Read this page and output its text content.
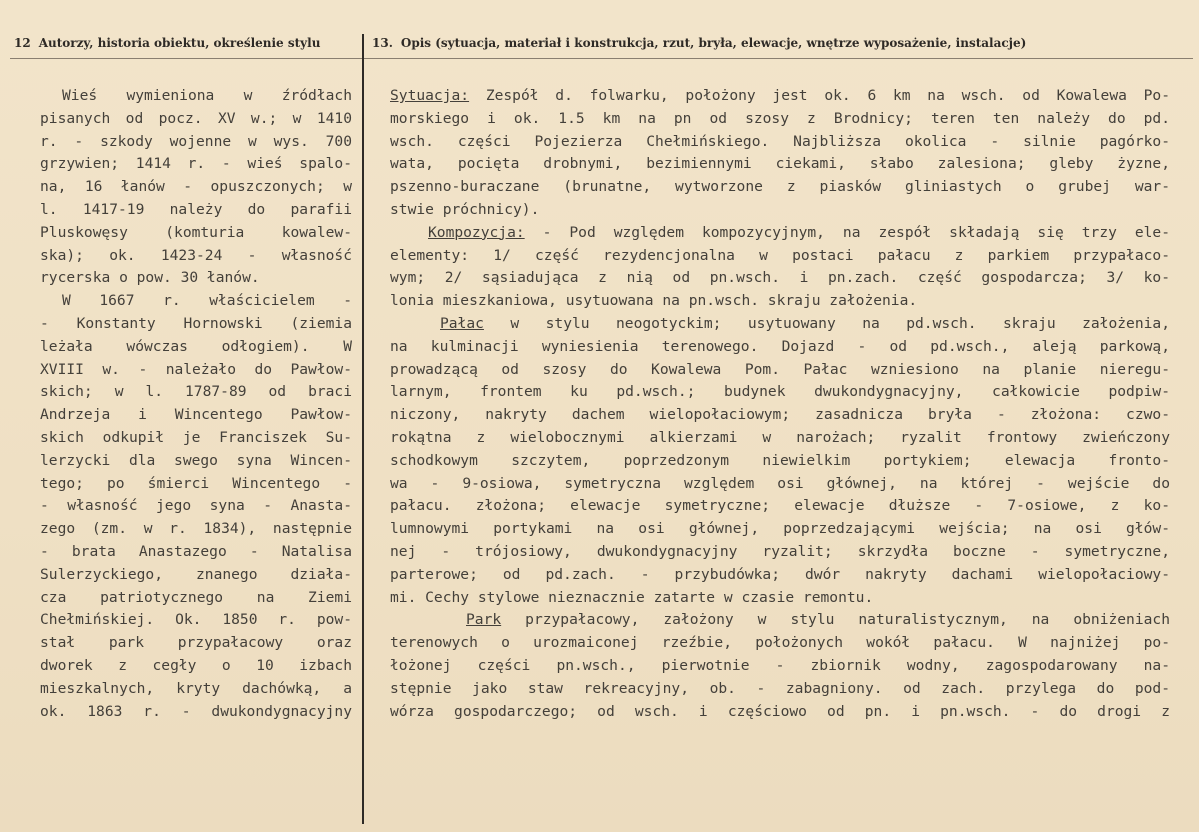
12 Autorzy, historia obiektu, określenie stylu	13. Opis (sytuacja, materiał i konstrukcja, rzut, bryła, elewacje, wnętrze wyposażenie, instalacje)
Wieś wymieniona w źródłach
pisanych od pocz. XV w.; w 1410
r. - szkody wojenne w wys. 700
grzywien; 1414 r. - wieś spalo-
na, 16 łanów - opuszczonych; w
l. 1417-19 należy do parafii
Pluskowęsy (komturia kowalew-
ska); ok. 1423-24 - własność
rycerska o pow. 30 łanów.
W 1667 r. właścicielem -
- Konstanty Hornowski (ziemia
leżała wówczas odłogiem). W
XVIII w. - należało do Pawłow-
skich; w l. 1787-89 od braci
Andrzeja i Wincentego Pawłow-
skich odkupił je Franciszek Su-
lerzycki dla swego syna Wincen-
tego; po śmierci Wincentego -
- własność jego syna - Anasta-
zego (zm. w r. 1834), następnie
- brata Anastazego - Natalisa
Sulerzyckiego, znanego działa-
cza patriotycznego na Ziemi
Chełmińskiej. Ok. 1850 r. pow-
stał park przypałacowy oraz
dworek z cegły o 10 izbach
mieszkalnych, kryty dachówką, a
ok. 1863 r. - dwukondygnacyjny
Sytuacja: Zespół d. folwarku, położony jest ok. 6 km na wsch. od Kowalewa Po-
morskiego i ok. 1.5 km na pn od szosy z Brodnicy; teren ten należy do pd.
wsch. części Pojezierza Chełmińskiego. Najbliższa okolica - silnie pagórko-
wata, pocięta drobnymi, bezimiennymi ciekami, słabo zalesiona; gleby żyzne,
pszenno-buraczane (brunatne, wytworzone z piasków gliniastych o grubej war-
stwie próchnicy).
Kompozycja: - Pod względem kompozycyjnym, na zespół składają się trzy ele-
elementy: 1/ część rezydencjonalna w postaci pałacu z parkiem przypałaco-
wym; 2/ sąsiadująca z nią od pn.wsch. i pn.zach. część gospodarcza; 3/ ko-
lonia mieszkaniowa, usytuowana na pn.wsch. skraju założenia.
Pałac w stylu neogotyckim; usytuowany na pd.wsch. skraju założenia,
na kulminacji wyniesienia terenowego. Dojazd - od pd.wsch., aleją parkową,
prowadzącą od szosy do Kowalewa Pom. Pałac wzniesiono na planie nieregu-
larnym, frontem ku pd.wsch.; budynek dwukondygnacyjny, całkowicie podpiw-
niczony, nakryty dachem wielopołaciowym; zasadnicza bryła - złożona: czwo-
rokątna z wielobocznymi alkierzami w narożach; ryzalit frontowy zwieńczony
schodkowym szczytem, poprzedzonym niewielkim portykiem; elewacja fronto-
wa - 9-osiowa, symetryczna względem osi głównej, na której - wejście do
pałacu. złożona; elewacje symetryczne; elewacje dłuższe - 7-osiowe, z ko-
lumnowymi portykami na osi głównej, poprzedzającymi wejścia; na osi głów-
nej - trójosiowy, dwukondygnacyjny ryzalit; skrzydła boczne - symetryczne,
parterowe; od pd.zach. - przybudówka; dwór nakryty dachami wielopołaciowy-
mi. Cechy stylowe nieznacznie zatarte w czasie remontu.
Park przypałacowy, założony w stylu naturalistycznym, na obniżeniach
terenowych o urozmaiconej rzeźbie, położonych wokół pałacu. W najniżej po-
łożonej części pn.wsch., pierwotnie - zbiornik wodny, zagospodarowany na-
stępnie jako staw rekreacyjny, ob. - zabagniony. od zach. przylega do pod-
wórza gospodarczego; od wsch. i częściowo od pn. i pn.wsch. - do drogi z
